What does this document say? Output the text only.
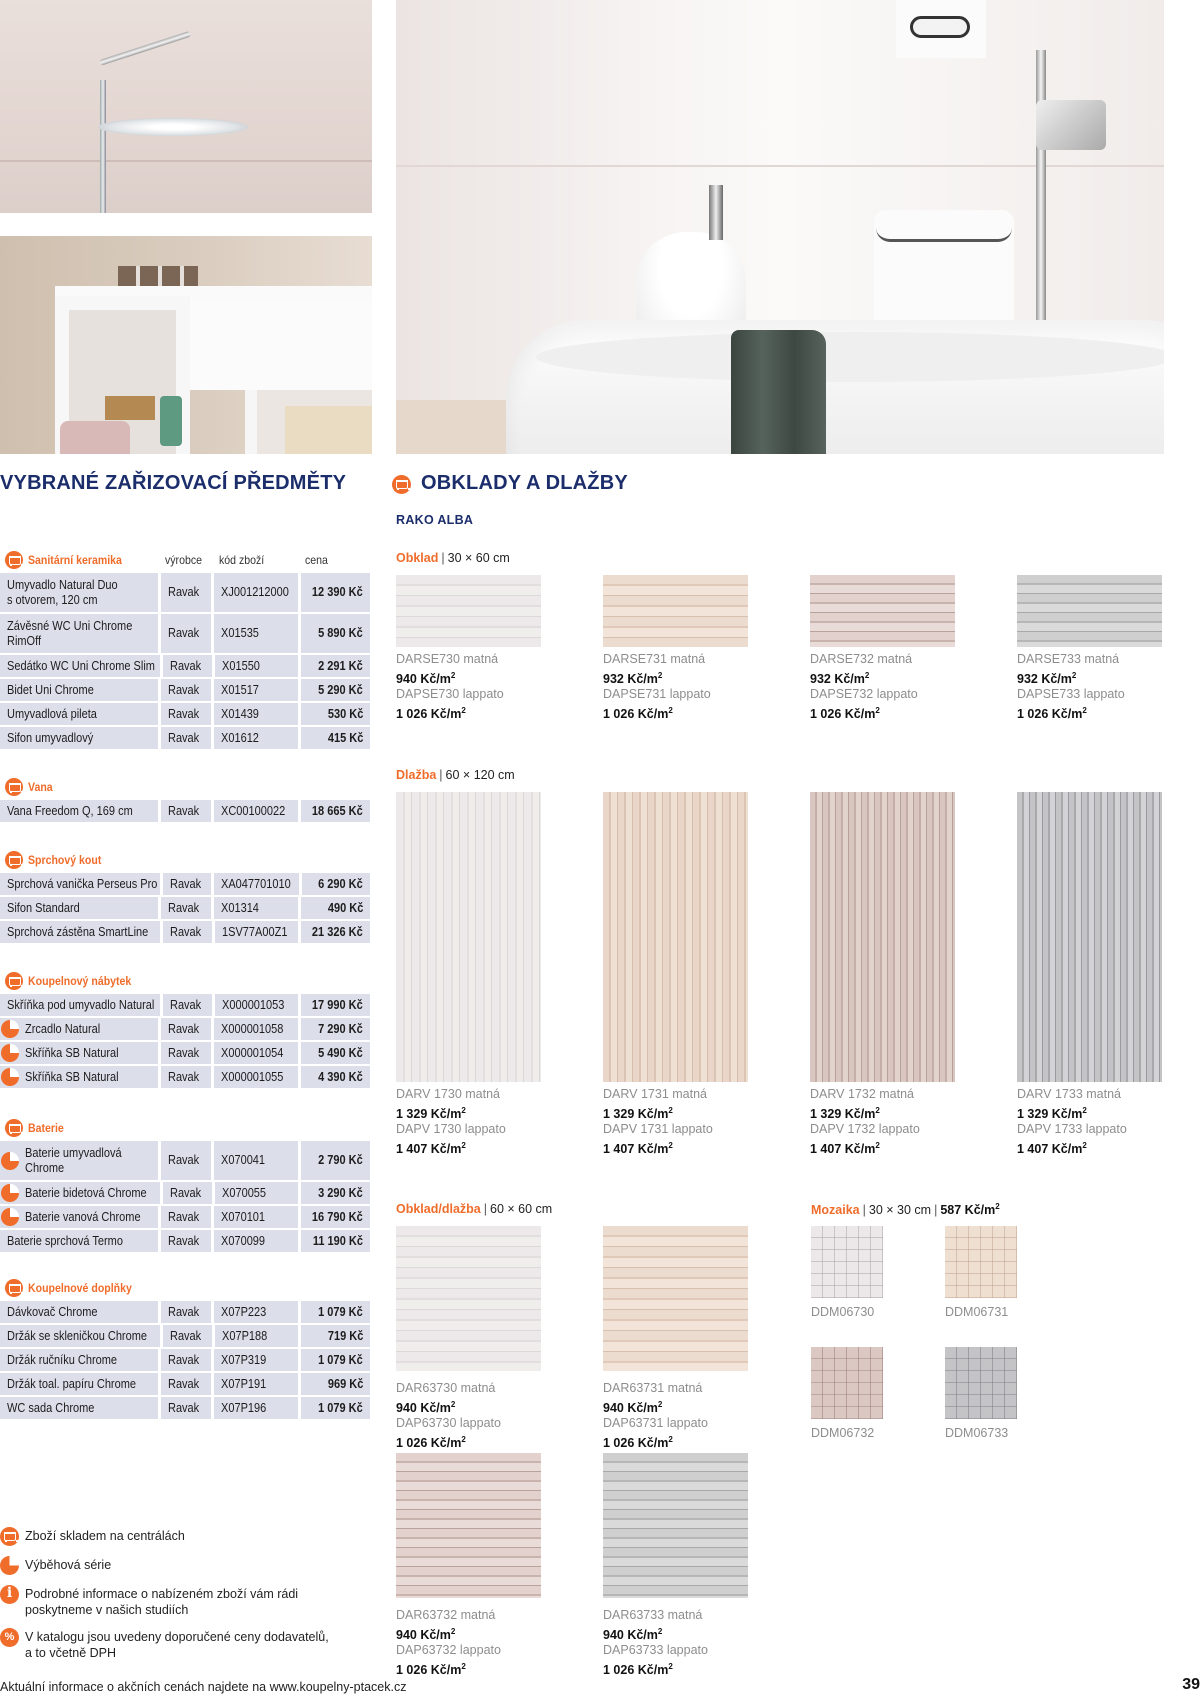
VYBRANÉ ZAŘIZOVACÍ PŘEDMĚTY	OBKLADY A DLAŽBY
RAKO ALBA
Sanitární keramika	výrobce kód zboží	cena
Umyvadlo Natural Duo
s otvorem, 120 cm
Ravak XJ001212000 12 390 Kč
Závěsné WC Uni Chrome
RimOff
Ravak X01535	5 890 Kč
Sedátko WC Uni Chrome Slim Ravak X01550	2 291 Kč
Bidet Uni Chrome	Ravak X01517	5 290 Kč
Umyvadlová pileta	Ravak X01439	530 Kč
Sifon umyvadlový	Ravak X01612	415 Kč
Vana
Vana Freedom Q, 169 cm	Ravak XC00100022 18 665 Kč
Sprchový kout
Sprchová vanička Perseus Pro Ravak XA047701010 6 290 Kč
Sifon Standard	Ravak X01314	490 Kč
Sprchová zástěna SmartLine Ravak 1SV77A00Z1 21 326 Kč
Koupelnový nábytek
Skříňka pod umyvadlo Natural Ravak X000001053 17 990 Kč
Zrcadlo Natural	Ravak X000001058	7 290 Kč
Skříňka SB Natural	Ravak X000001054	5 490 Kč
Skříňka SB Natural	Ravak X000001055	4 390 Kč
Baterie
Baterie umyvadlová
Chrome
Ravak X070041	2 790 Kč
Baterie bidetová Chrome Ravak X070055	3 290 Kč
Baterie vanová Chrome Ravak X070101	16 790 Kč
Baterie sprchová Termo	Ravak X070099	11 190 Kč
Koupelnové doplňky
Dávkovač Chrome	Ravak X07P223	1 079 Kč
Držák se skleničkou Chrome Ravak X07P188	719 Kč
Držák ručníku Chrome	Ravak X07P319	1 079 Kč
Držák toal. papíru Chrome	Ravak X07P191	969 Kč
WC sada Chrome	Ravak X07P196	1 079 Kč
Obklad | 30 × 60 cm
Dlažba | 60 × 120 cm
Obklad/dlažba | 60 × 60 cm	Mozaika | 30 × 30 cm | 587 $Kč/m^2$
DARSE730 matná
940 $Kč/m^2$
DAPSE730 lappato
1 026 $Kč/m^2$
DARSE731 matná
932 $Kč/m^2$
DAPSE731 lappato
1 026 $Kč/m^2$
DARSE732 matná
932 $Kč/m^2$
DAPSE732 lappato
1 026 $Kč/m^2$
DARSE733 matná
932 $Kč/m^2$
DAPSE733 lappato
1 026 $Kč/m^2$
DARV 1730 matná
1 329 $Kč/m^2$
DAPV 1730 lappato
1 407 $Kč/m^2$
DARV 1731 matná
1 329 $Kč/m^2$
DAPV 1731 lappato
1 407 $Kč/m^2$
DARV 1732 matná
1 329 $Kč/m^2$
DAPV 1732 lappato
1 407 $Kč/m^2$
DARV 1733 matná
1 329 $Kč/m^2$
DAPV 1733 lappato
1 407 $Kč/m^2$
DAR63730 matná
940 $Kč/m^2$
DAP63730 lappato
1 026 $Kč/m^2$
DAR63731 matná
940 $Kč/m^2$
DAP63731 lappato
1 026 $Kč/m^2$
DAR63732 matná
940 $Kč/m^2$
DAP63732 lappato
1 026 $Kč/m^2$
DAR63733 matná
940 $Kč/m^2$
DAP63733 lappato
1 026 $Kč/m^2$
DDM06730	DDM06731
DDM06732	DDM06733
Zboží skladem na centrálách
Výběhová série
i
Podrobné informace o nabízeném zboží vám rádi
poskytneme v našich studiích
%
V katalogu jsou uvedeny doporučené ceny dodavatelů,
a to včetně DPH
Aktuální informace o akčních cenách najdete na www.koupelny-ptacek.cz	39
